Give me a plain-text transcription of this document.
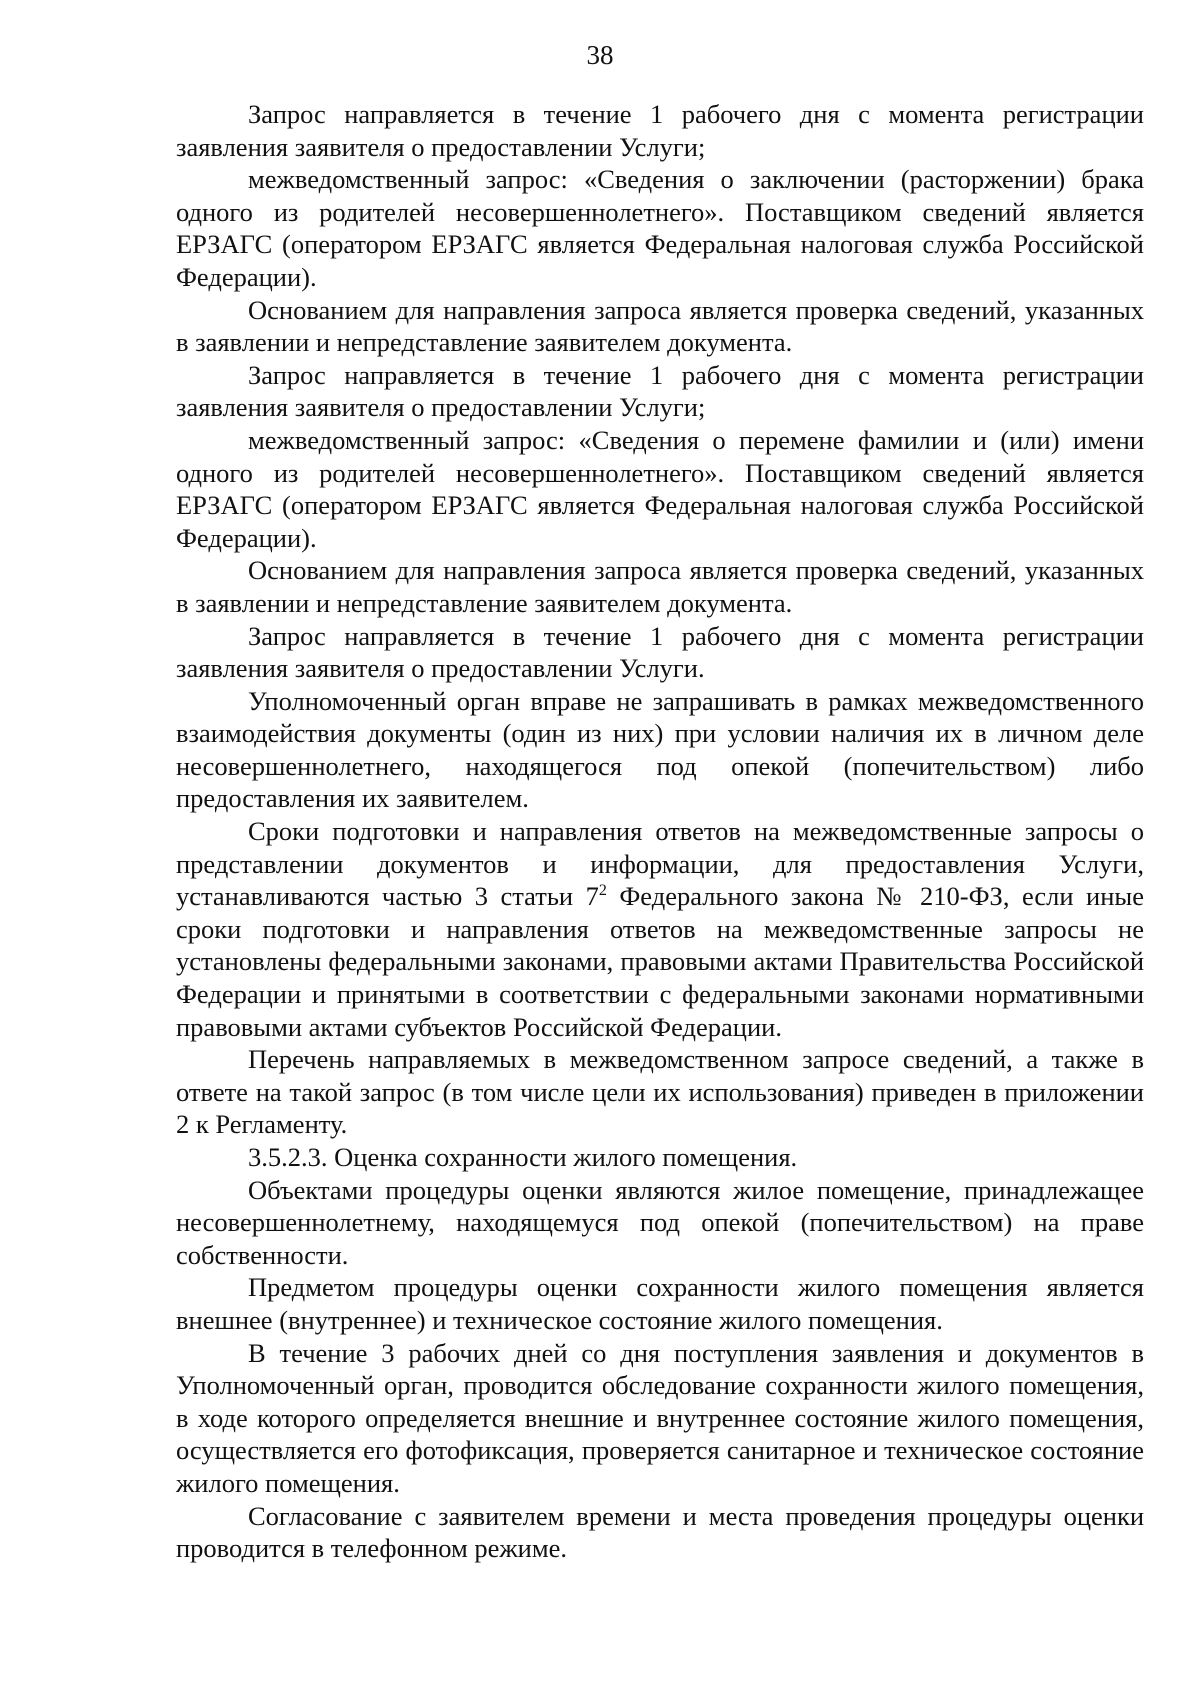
38

Запрос направляется в течение 1 рабочего дня с момента регистрации заявления заявителя о предоставлении Услуги;

межведомственный запрос: «Сведения о заключении (расторжении) брака одного из родителей несовершеннолетнего». Поставщиком сведений является ЕРЗАГС (оператором ЕРЗАГС является Федеральная налоговая служба Российской Федерации).

Основанием для направления запроса является проверка сведений, указанных в заявлении и непредставление заявителем документа.

Запрос направляется в течение 1 рабочего дня с момента регистрации заявления заявителя о предоставлении Услуги;

межведомственный запрос: «Сведения о перемене фамилии и (или) имени одного из родителей несовершеннолетнего». Поставщиком сведений является ЕРЗАГС (оператором ЕРЗАГС является Федеральная налоговая служба Российской Федерации).

Основанием для направления запроса является проверка сведений, указанных в заявлении и непредставление заявителем документа.

Запрос направляется в течение 1 рабочего дня с момента регистрации заявления заявителя о предоставлении Услуги.

Уполномоченный орган вправе не запрашивать в рамках межведомственного взаимодействия документы (один из них) при условии наличия их в личном деле несовершеннолетнего, находящегося под опекой (попечительством) либо предоставления их заявителем.

Сроки подготовки и направления ответов на межведомственные запросы о представлении документов и информации, для предоставления Услуги, устанавливаются частью 3 статьи $7^2$ Федерального закона № 210-ФЗ, если иные сроки подготовки и направления ответов на межведомственные запросы не установлены федеральными законами, правовыми актами Правительства Российской Федерации и принятыми в соответствии с федеральными законами нормативными правовыми актами субъектов Российской Федерации.

Перечень направляемых в межведомственном запросе сведений, а также в ответе на такой запрос (в том числе цели их использования) приведен в приложении 2 к Регламенту.

3.5.2.3. Оценка сохранности жилого помещения.

Объектами процедуры оценки являются жилое помещение, принадлежащее несовершеннолетнему, находящемуся под опекой (попечительством) на праве собственности.

Предметом процедуры оценки сохранности жилого помещения является внешнее (внутреннее) и техническое состояние жилого помещения.

В течение 3 рабочих дней со дня поступления заявления и документов в Уполномоченный орган, проводится обследование сохранности жилого помещения, в ходе которого определяется внешние и внутреннее состояние жилого помещения, осуществляется его фотофиксация, проверяется санитарное и техническое состояние жилого помещения.

Согласование с заявителем времени и места проведения процедуры оценки проводится в телефонном режиме.
